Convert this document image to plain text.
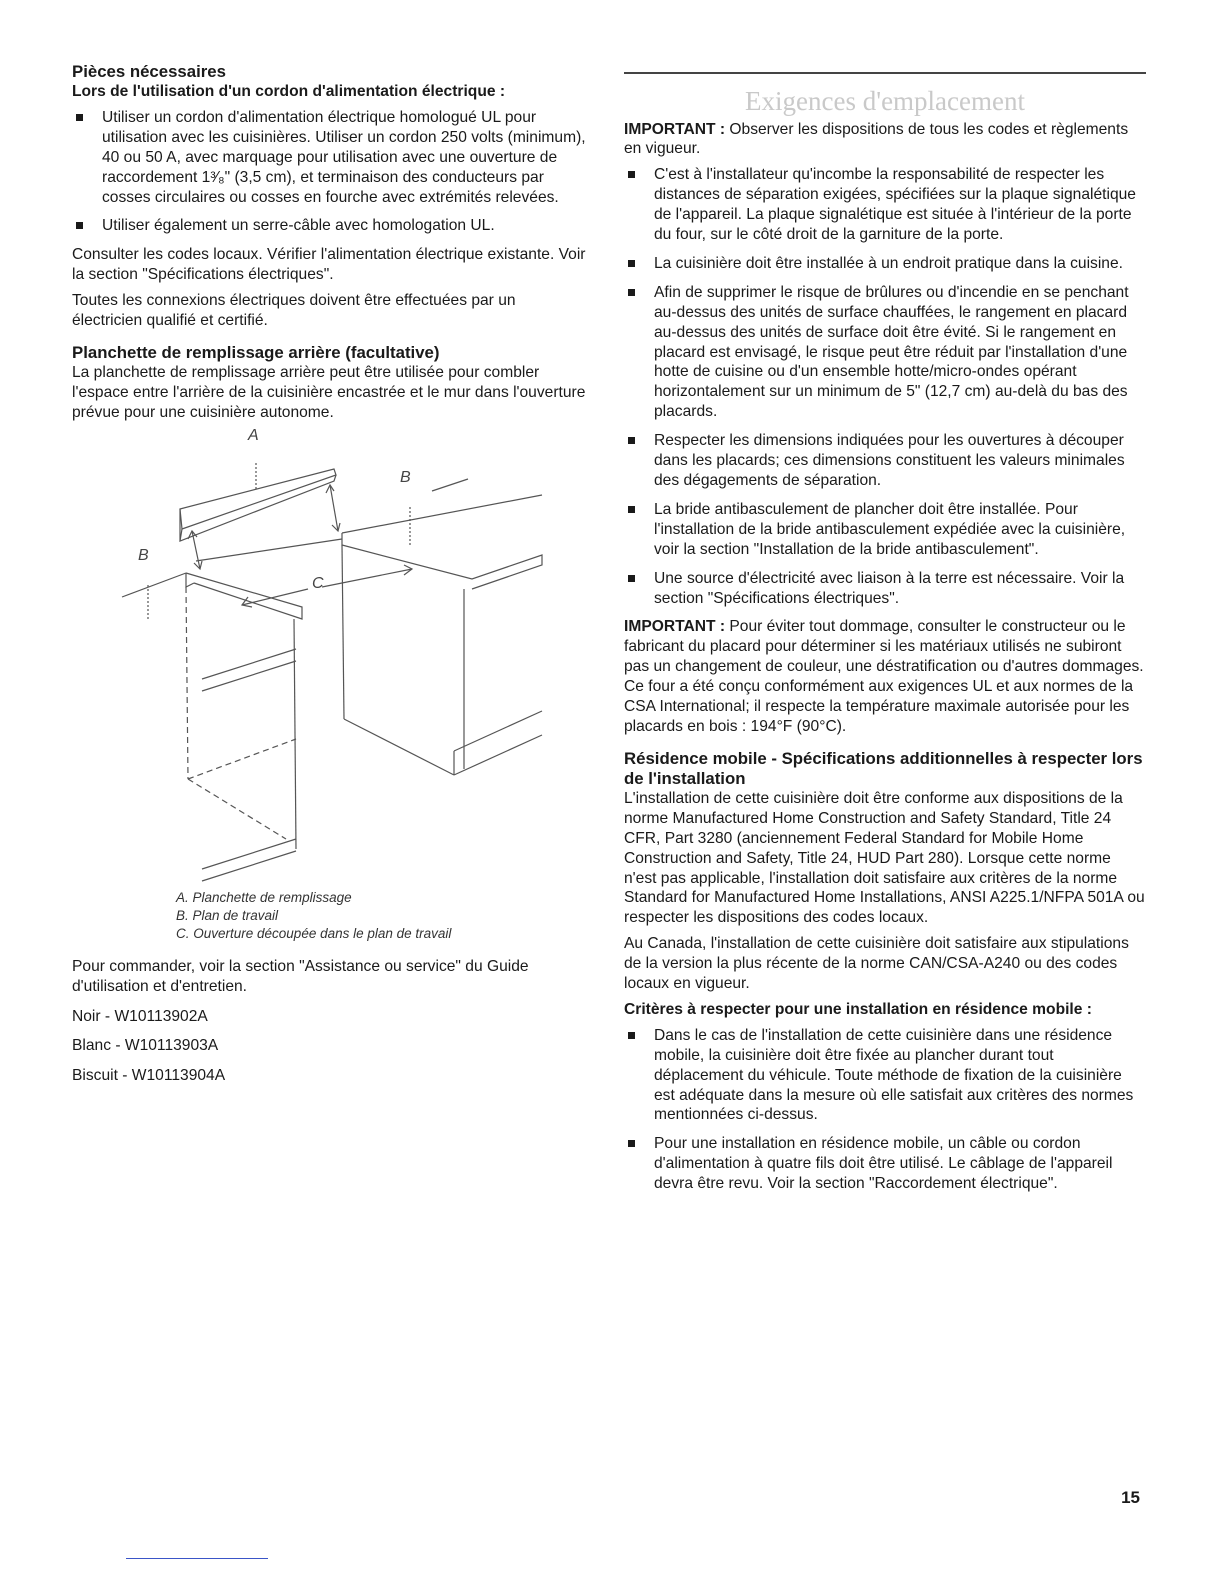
Pièces nécessaires
Lors de l'utilisation d'un cordon d'alimentation électrique :
Utiliser un cordon d'alimentation électrique homologué UL pour utilisation avec les cuisinières. Utiliser un cordon 250 volts (minimum), 40 ou 50 A, avec marquage pour utilisation avec une ouverture de raccordement 1³⁄₈" (3,5 cm), et terminaison des conducteurs par cosses circulaires ou cosses en fourche avec extrémités relevées.
Utiliser également un serre-câble avec homologation UL.

Consulter les codes locaux. Vérifier l'alimentation électrique existante. Voir la section "Spécifications électriques".

Toutes les connexions électriques doivent être effectuées par un électricien qualifié et certifié.

Planchette de remplissage arrière (facultative)

La planchette de remplissage arrière peut être utilisée pour combler l'espace entre l'arrière de la cuisinière encastrée et le mur dans l'ouverture prévue pour une cuisinière autonome.

A
B
B
C
A. Planchette de remplissage
B. Plan de travail
C. Ouverture découpée dans le plan de travail

Pour commander, voir la section "Assistance ou service" du Guide d'utilisation et d'entretien.

Noir - W10113902A

Blanc - W10113903A

Biscuit - W10113904A

Exigences d'emplacement

IMPORTANT : Observer les dispositions de tous les codes et règlements en vigueur.

C'est à l'installateur qu'incombe la responsabilité de respecter les distances de séparation exigées, spécifiées sur la plaque signalétique de l'appareil. La plaque signalétique est située à l'intérieur de la porte du four, sur le côté droit de la garniture de la porte.
La cuisinière doit être installée à un endroit pratique dans la cuisine.
Afin de supprimer le risque de brûlures ou d'incendie en se penchant au-dessus des unités de surface chauffées, le rangement en placard au-dessus des unités de surface doit être évité. Si le rangement en placard est envisagé, le risque peut être réduit par l'installation d'une hotte de cuisine ou d'un ensemble hotte/micro-ondes opérant horizontalement sur un minimum de 5" (12,7 cm) au-delà du bas des placards.
Respecter les dimensions indiquées pour les ouvertures à découper dans les placards; ces dimensions constituent les valeurs minimales des dégagements de séparation.
La bride antibasculement de plancher doit être installée. Pour l'installation de la bride antibasculement expédiée avec la cuisinière, voir la section "Installation de la bride antibasculement".
Une source d'électricité avec liaison à la terre est nécessaire. Voir la section "Spécifications électriques".

IMPORTANT : Pour éviter tout dommage, consulter le constructeur ou le fabricant du placard pour déterminer si les matériaux utilisés ne subiront pas un changement de couleur, une déstratification ou d'autres dommages. Ce four a été conçu conformément aux exigences UL et aux normes de la CSA International; il respecte la température maximale autorisée pour les placards en bois : 194°F (90°C).

Résidence mobile - Spécifications additionnelles à respecter lors de l'installation

L'installation de cette cuisinière doit être conforme aux dispositions de la norme Manufactured Home Construction and Safety Standard, Title 24 CFR, Part 3280 (anciennement Federal Standard for Mobile Home Construction and Safety, Title 24, HUD Part 280). Lorsque cette norme n'est pas applicable, l'installation doit satisfaire aux critères de la norme Standard for Manufactured Home Installations, ANSI A225.1/NFPA 501A ou respecter les dispositions des codes locaux.

Au Canada, l'installation de cette cuisinière doit satisfaire aux stipulations de la version la plus récente de la norme CAN/CSA-A240 ou des codes locaux en vigueur.

Critères à respecter pour une installation en résidence mobile :
Dans le cas de l'installation de cette cuisinière dans une résidence mobile, la cuisinière doit être fixée au plancher durant tout déplacement du véhicule. Toute méthode de fixation de la cuisinière est adéquate dans la mesure où elle satisfait aux critères des normes mentionnées ci-dessus.
Pour une installation en résidence mobile, un câble ou cordon d'alimentation à quatre fils doit être utilisé. Le câblage de l'appareil devra être revu. Voir la section "Raccordement électrique".
15
